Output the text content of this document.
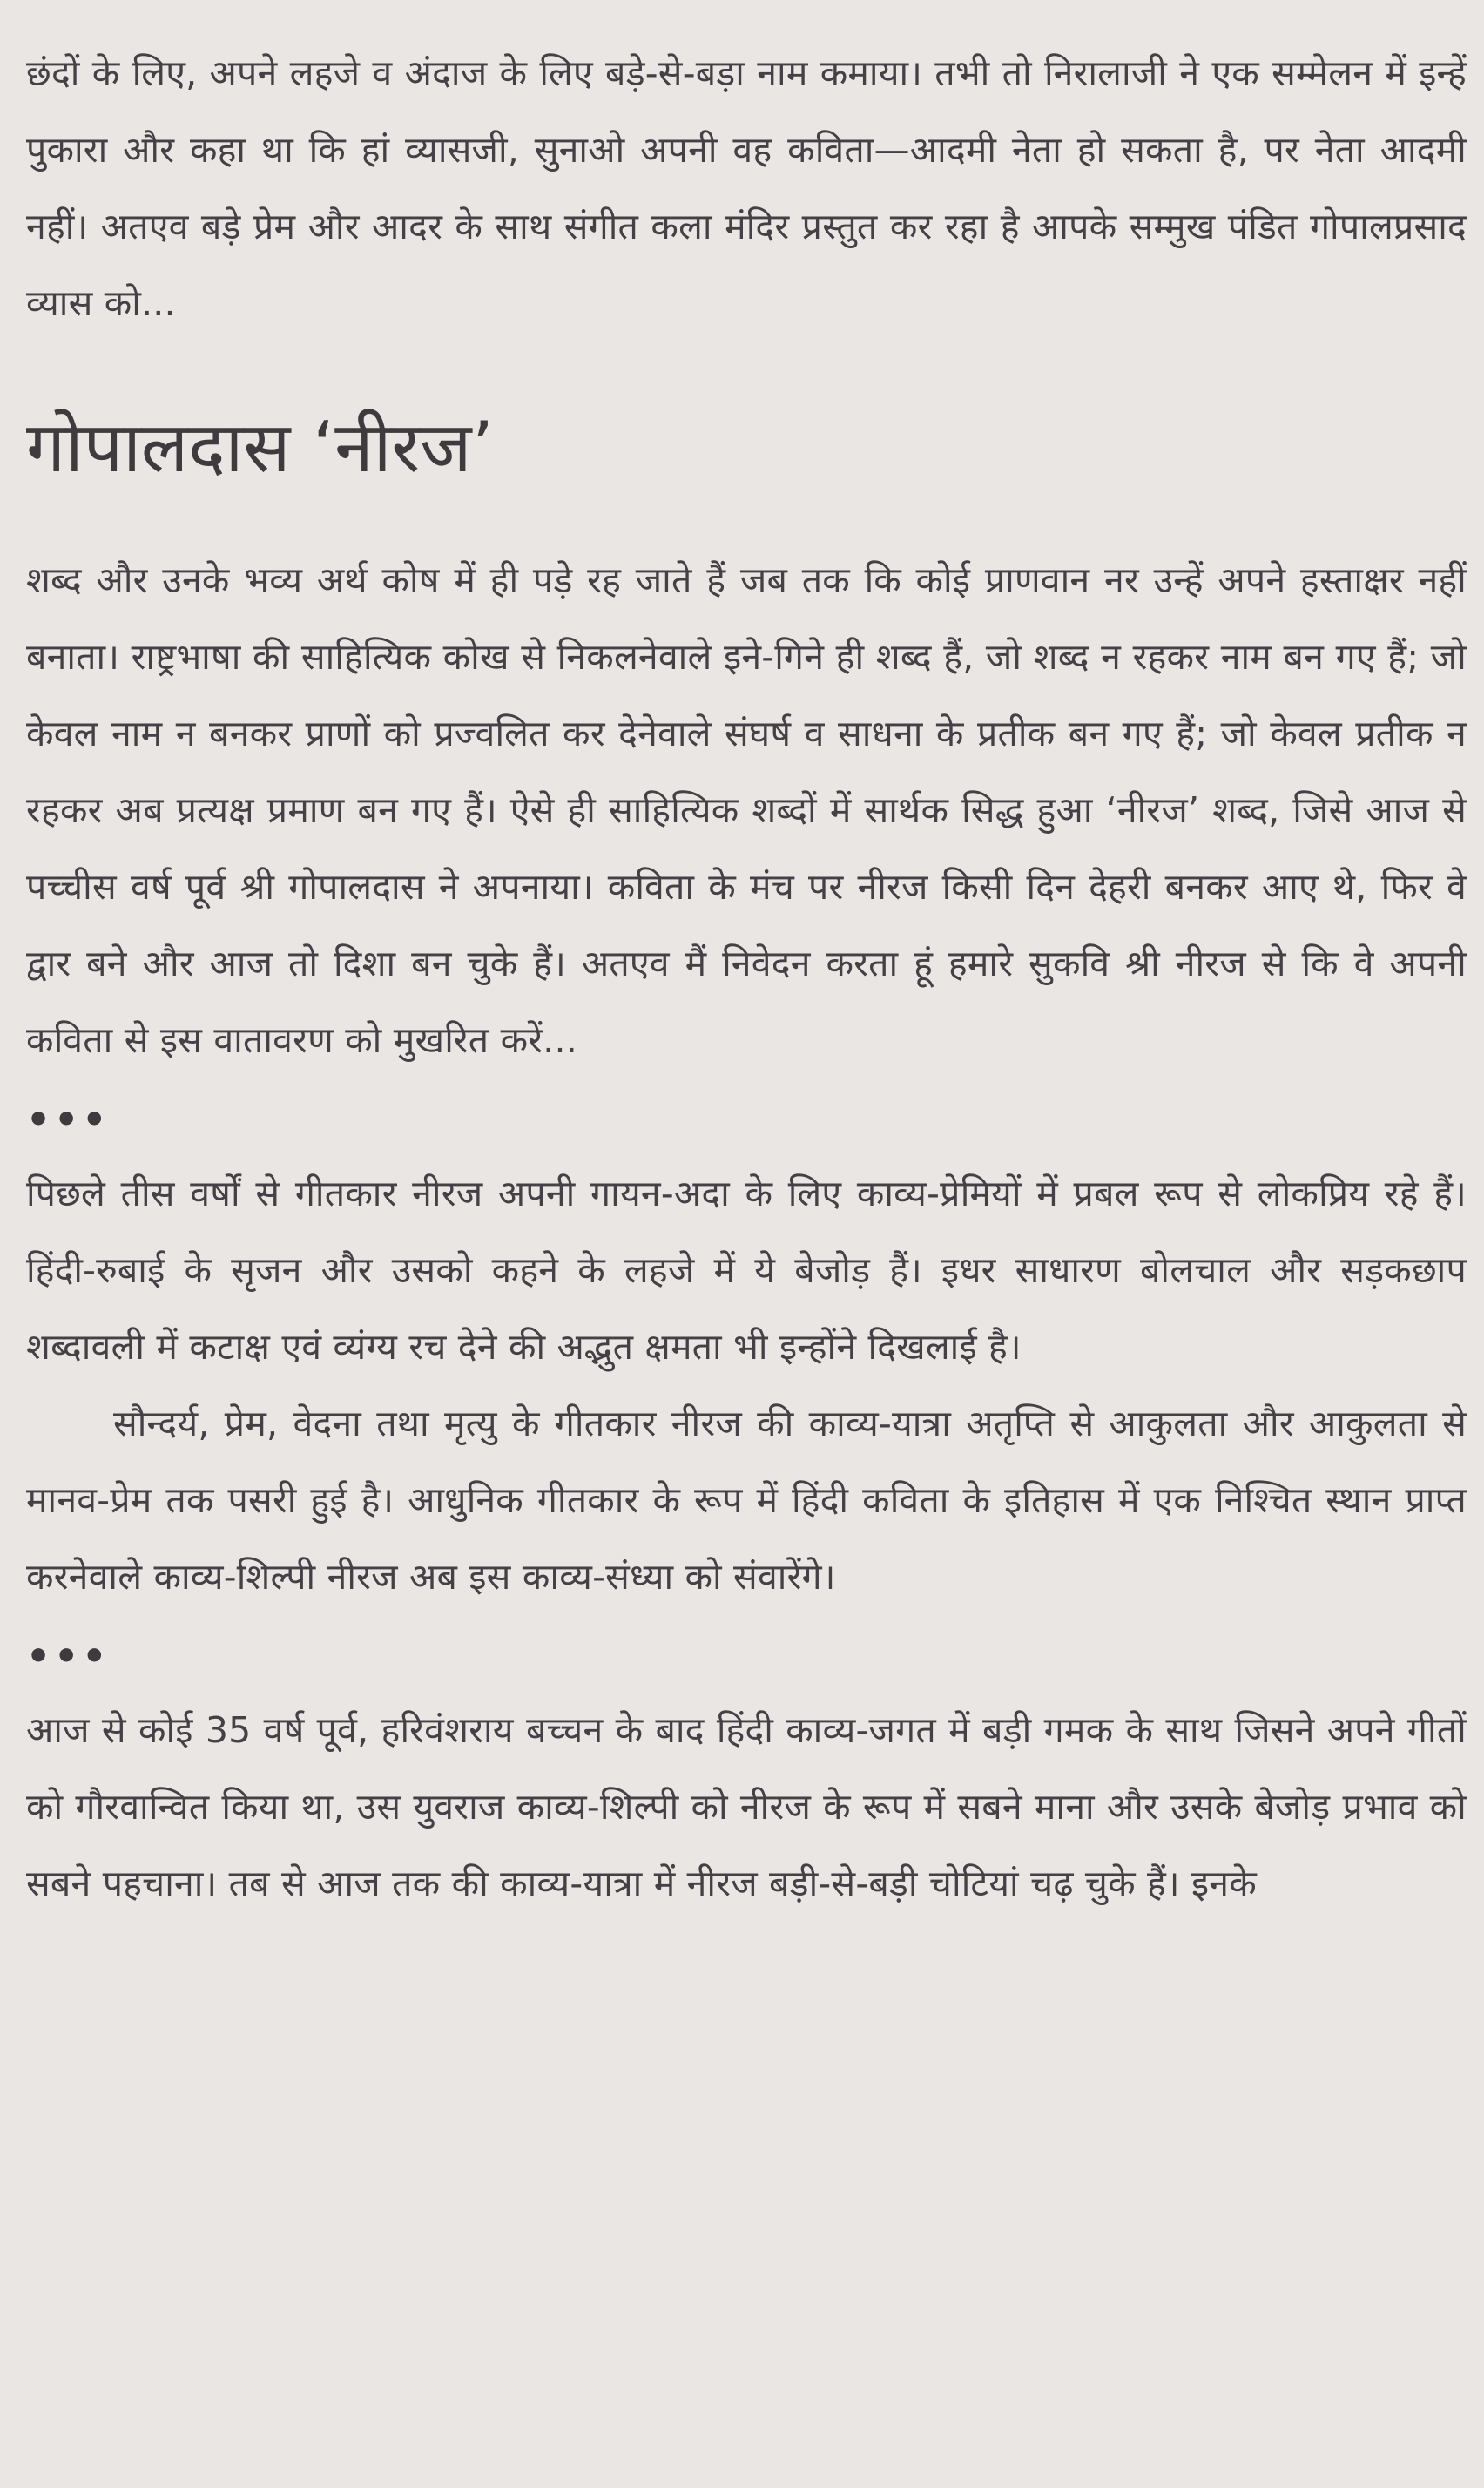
छंदों के लिए, अपने लहजे व अंदाज के लिए बड़े-से-बड़ा नाम कमाया। तभी तो निरालाजी ने एक सम्मेलन में इन्हें पुकारा और कहा था कि हां व्यासजी, सुनाओ अपनी वह कविता—आदमी नेता हो सकता है, पर नेता आदमी नहीं। अतएव बड़े प्रेम और आदर के साथ संगीत कला मंदिर प्रस्तुत कर रहा है आपके सम्मुख पंडित गोपालप्रसाद व्यास को...

गोपालदास ‘नीरज’

शब्द और उनके भव्य अर्थ कोष में ही पड़े रह जाते हैं जब तक कि कोई प्राणवान नर उन्हें अपने हस्ताक्षर नहीं बनाता। राष्ट्रभाषा की साहित्यिक कोख से निकलनेवाले इने-गिने ही शब्द हैं, जो शब्द न रहकर नाम बन गए हैं; जो केवल नाम न बनकर प्राणों को प्रज्वलित कर देनेवाले संघर्ष व साधना के प्रतीक बन गए हैं; जो केवल प्रतीक न रहकर अब प्रत्यक्ष प्रमाण बन गए हैं। ऐसे ही साहित्यिक शब्दों में सार्थक सिद्ध हुआ ‘नीरज’ शब्द, जिसे आज से पच्चीस वर्ष पूर्व श्री गोपालदास ने अपनाया। कविता के मंच पर नीरज किसी दिन देहरी बनकर आए थे, फिर वे द्वार बने और आज तो दिशा बन चुके हैं। अतएव मैं निवेदन करता हूं हमारे सुकवि श्री नीरज से कि वे अपनी कविता से इस वातावरण को मुखरित करें...

•••

पिछले तीस वर्षों से गीतकार नीरज अपनी गायन-अदा के लिए काव्य-प्रेमियों में प्रबल रूप से लोकप्रिय रहे हैं। हिंदी-रुबाई के सृजन और उसको कहने के लहजे में ये बेजोड़ हैं। इधर साधारण बोलचाल और सड़कछाप शब्दावली में कटाक्ष एवं व्यंग्य रच देने की अद्भुत क्षमता भी इन्होंने दिखलाई है।

सौन्दर्य, प्रेम, वेदना तथा मृत्यु के गीतकार नीरज की काव्य-यात्रा अतृप्ति से आकुलता और आकुलता से मानव-प्रेम तक पसरी हुई है। आधुनिक गीतकार के रूप में हिंदी कविता के इतिहास में एक निश्चित स्थान प्राप्त करनेवाले काव्य-शिल्पी नीरज अब इस काव्य-संध्या को संवारेंगे।

•••

आज से कोई 35 वर्ष पूर्व, हरिवंशराय बच्चन के बाद हिंदी काव्य-जगत में बड़ी गमक के साथ जिसने अपने गीतों को गौरवान्वित किया था, उस युवराज काव्य-शिल्पी को नीरज के रूप में सबने माना और उसके बेजोड़ प्रभाव को सबने पहचाना। तब से आज तक की काव्य-यात्रा में नीरज बड़ी-से-बड़ी चोटियां चढ़ चुके हैं। इनके
